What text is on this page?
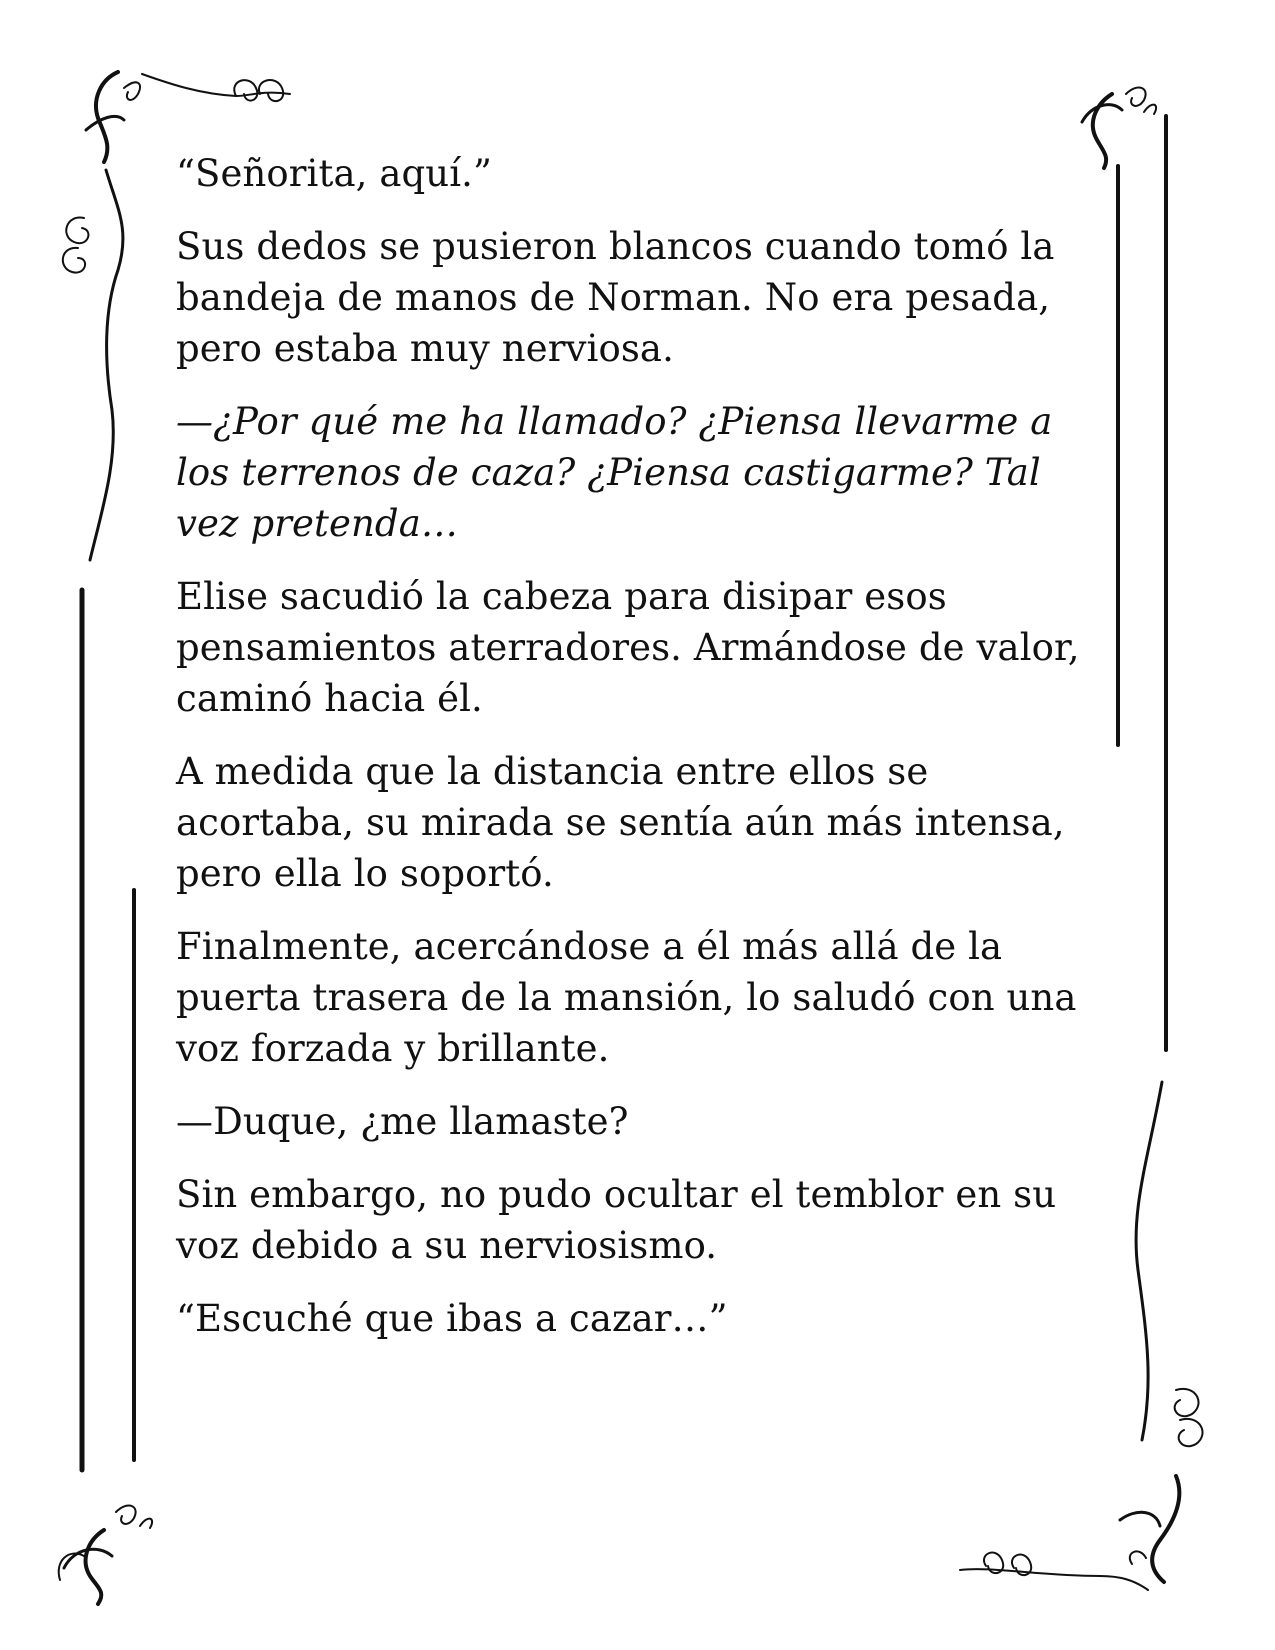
“Señorita, aquí.”

Sus dedos se pusieron blancos cuando tomó la bandeja de manos de Norman. No era pesada, pero estaba muy nerviosa.

—¿Por qué me ha llamado? ¿Piensa llevarme a los terrenos de caza? ¿Piensa castigarme? Tal vez pretenda…

Elise sacudió la cabeza para disipar esos pensamientos aterradores. Armándose de valor, caminó hacia él.

A medida que la distancia entre ellos se acortaba, su mirada se sentía aún más intensa, pero ella lo soportó.

Finalmente, acercándose a él más allá de la puerta trasera de la mansión, lo saludó con una voz forzada y brillante.

—Duque, ¿me llamaste?

Sin embargo, no pudo ocultar el temblor en su voz debido a su nerviosismo.

“Escuché que ibas a cazar…”
